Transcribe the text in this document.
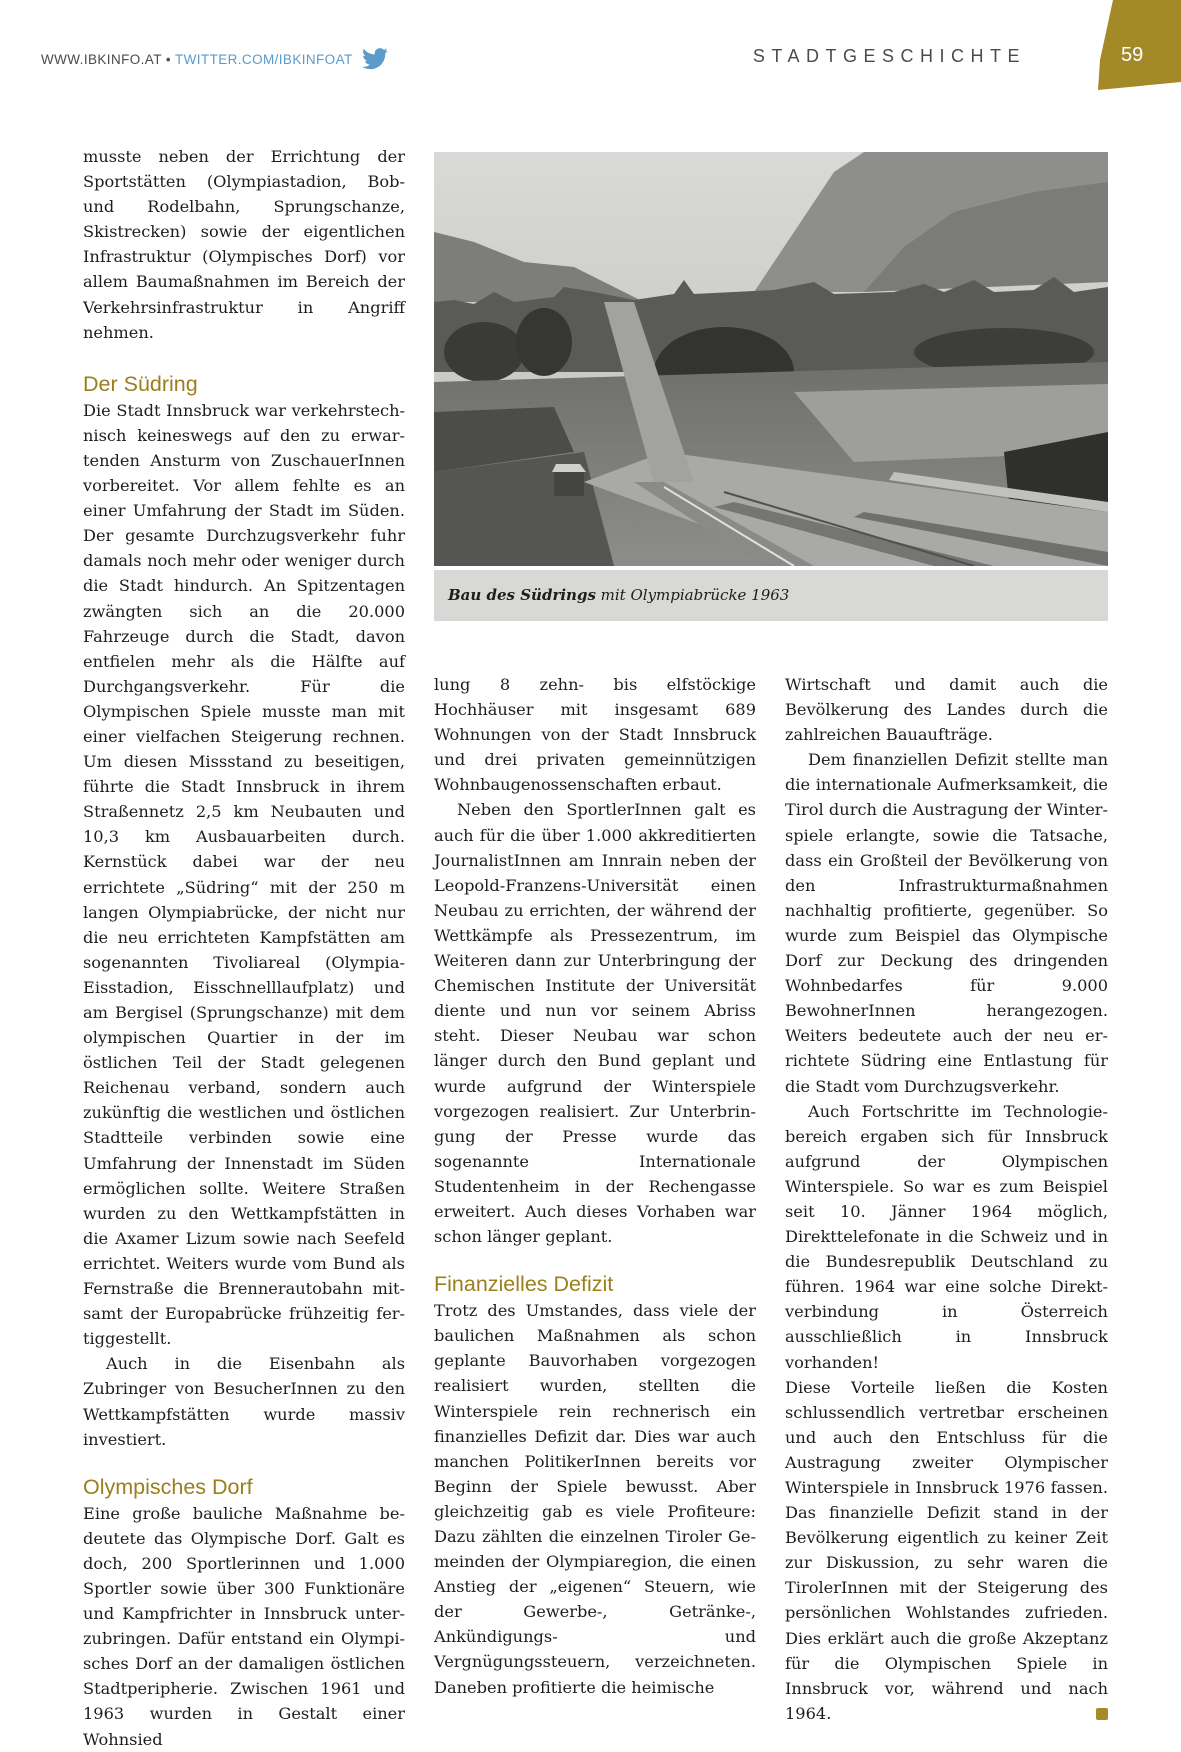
WWW.IBKINFO.AT • TWITTER.COM/IBKINFOAT	STADTGESCHICHTE	59
Bau des Südrings mit Olympiabrücke 1963

musste neben der Errichtung der Sportstätten (Olympiastadion, Bob- und Rodelbahn, Sprungschanze, Skistrecken) sowie der eigentlichen Infrastruktur (Olympisches Dorf) vor allem Baumaßnahmen im Bereich der Verkehrsinfrastruktur in Angriff nehmen.

Der Südring

Die Stadt Innsbruck war verkehrstechnisch keineswegs auf den zu erwartenden Ansturm von ZuschauerInnen vorbereitet. Vor allem fehlte es an einer Umfahrung der Stadt im Süden. Der gesamte Durchzugsverkehr fuhr damals noch mehr oder weniger durch die Stadt hindurch. An Spitzentagen zwängten sich an die 20.000 Fahrzeuge durch die Stadt, davon entfielen mehr als die Hälfte auf Durchgangsverkehr. Für die Olympischen Spiele musste man mit einer vielfachen Steigerung rechnen. Um diesen Missstand zu beseitigen, führte die Stadt Innsbruck in ihrem Straßennetz 2,5 km Neubauten und 10,3 km Ausbauarbeiten durch. Kernstück dabei war der neu errichtete „Südring“ mit der 250 m langen Olympiabrücke, der nicht nur die neu errichteten Kampfstätten am sogenannten Tivoliareal (Olympia-Eisstadion, Eisschnelllaufplatz) und am Bergisel (Sprungschanze) mit dem olympischen Quartier in der im östlichen Teil der Stadt gelegenen Reichenau verband, sondern auch zukünftig die westlichen und östlichen Stadtteile verbinden sowie eine Umfahrung der Innenstadt im Süden ermöglichen sollte. Weitere Straßen wurden zu den Wettkampfstätten in die Axamer Lizum sowie nach Seefeld errichtet. Weiters wurde vom Bund als Fernstraße die Brennerautobahn mitsamt der Europabrücke frühzeitig fertiggestellt.

Auch in die Eisenbahn als Zubringer von BesucherInnen zu den Wettkampfstätten wurde massiv investiert.

Olympisches Dorf

Eine große bauliche Maßnahme bedeutete das Olympische Dorf. Galt es doch, 200 Sportlerinnen und 1.000 Sportler sowie über 300 Funktionäre und Kampfrichter in Innsbruck unterzubringen. Dafür entstand ein Olympisches Dorf an der damaligen östlichen Stadtperipherie. Zwischen 1961 und 1963 wurden in Gestalt einer Wohnsied

lung 8 zehn- bis elfstöckige Hochhäuser mit insgesamt 689 Wohnungen von der Stadt Innsbruck und drei privaten gemeinnützigen Wohnbaugenossenschaften erbaut.

Neben den SportlerInnen galt es auch für die über 1.000 akkreditierten JournalistInnen am Innrain neben der Leopold-Franzens-Universität einen Neubau zu errichten, der während der Wettkämpfe als Pressezentrum, im Weiteren dann zur Unterbringung der Chemischen Institute der Universität diente und nun vor seinem Abriss steht. Dieser Neubau war schon länger durch den Bund geplant und wurde aufgrund der Winterspiele vorgezogen realisiert. Zur Unterbringung der Presse wurde das sogenannte Internationale Studentenheim in der Rechengasse erweitert. Auch dieses Vorhaben war schon länger geplant.

Finanzielles Defizit

Trotz des Umstandes, dass viele der baulichen Maßnahmen als schon geplante Bauvorhaben vorgezogen realisiert wurden, stellten die Winterspiele rein rechnerisch ein finanzielles Defizit dar. Dies war auch manchen PolitikerInnen bereits vor Beginn der Spiele bewusst. Aber gleichzeitig gab es viele Profiteure: Dazu zählten die einzelnen Tiroler Gemeinden der Olympiaregion, die einen Anstieg der „eigenen“ Steuern, wie der Gewerbe-, Getränke-, Ankündigungs- und Vergnügungssteuern, verzeichneten. Daneben profitierte die heimische

Wirtschaft und damit auch die Bevölkerung des Landes durch die zahlreichen Bauaufträge.

Dem finanziellen Defizit stellte man die internationale Aufmerksamkeit, die Tirol durch die Austragung der Winterspiele erlangte, sowie die Tatsache, dass ein Großteil der Bevölkerung von den Infrastrukturmaßnahmen nachhaltig profitierte, gegenüber. So wurde zum Beispiel das Olympische Dorf zur Deckung des dringenden Wohnbedarfes für 9.000 BewohnerInnen herangezogen. Weiters bedeutete auch der neu errichtete Südring eine Entlastung für die Stadt vom Durchzugsverkehr.

Auch Fortschritte im Technologiebereich ergaben sich für Innsbruck aufgrund der Olympischen Winterspiele. So war es zum Beispiel seit 10. Jänner 1964 möglich, Direkttelefonate in die Schweiz und in die Bundesrepublik Deutschland zu führen. 1964 war eine solche Direktverbindung in Österreich ausschließlich in Innsbruck vorhanden!

Diese Vorteile ließen die Kosten schlussendlich vertretbar erscheinen und auch den Entschluss für die Austragung zweiter Olympischer Winterspiele in Innsbruck 1976 fassen. Das finanzielle Defizit stand in der Bevölkerung eigentlich zu keiner Zeit zur Diskussion, zu sehr waren die TirolerInnen mit der Steigerung des persönlichen Wohlstandes zufrieden. Dies erklärt auch die große Akzeptanz für die Olympischen Spiele in Innsbruck vor, während und nach 1964.
